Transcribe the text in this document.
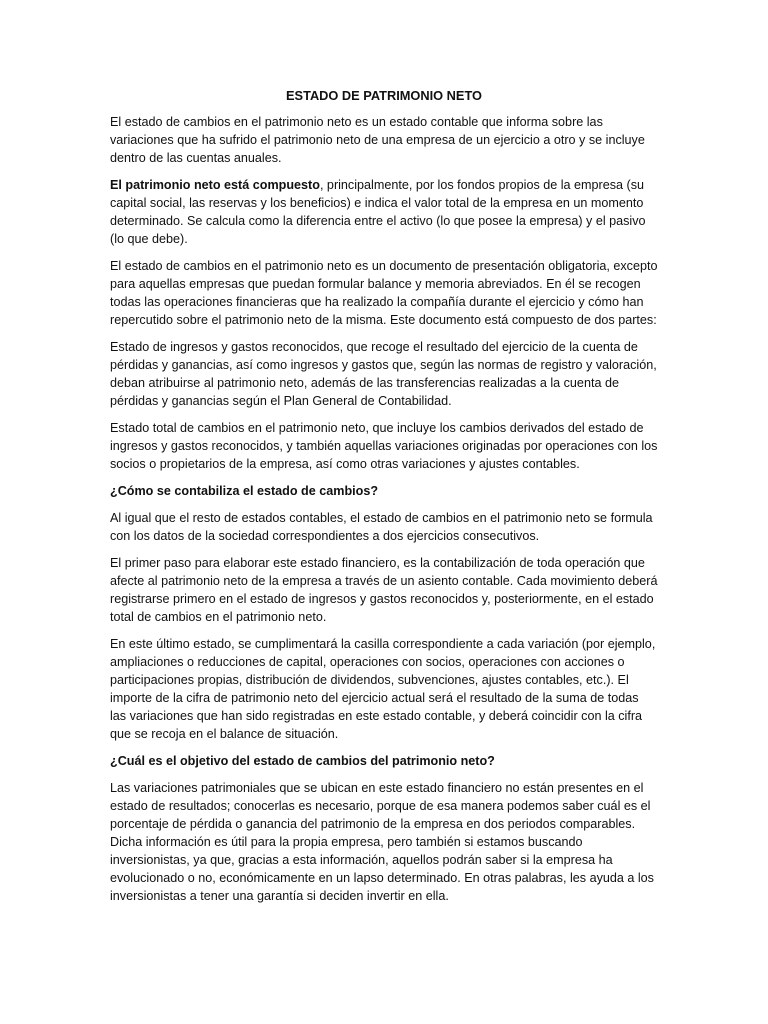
ESTADO DE PATRIMONIO NETO

El estado de cambios en el patrimonio neto es un estado contable que informa sobre las variaciones que ha sufrido el patrimonio neto de una empresa de un ejercicio a otro y se incluye dentro de las cuentas anuales.

El patrimonio neto está compuesto, principalmente, por los fondos propios de la empresa (su capital social, las reservas y los beneficios) e indica el valor total de la empresa en un momento determinado. Se calcula como la diferencia entre el activo (lo que posee la empresa) y el pasivo (lo que debe).

El estado de cambios en el patrimonio neto es un documento de presentación obligatoria, excepto para aquellas empresas que puedan formular balance y memoria abreviados. En él se recogen todas las operaciones financieras que ha realizado la compañía durante el ejercicio y cómo han repercutido sobre el patrimonio neto de la misma. Este documento está compuesto de dos partes:

Estado de ingresos y gastos reconocidos, que recoge el resultado del ejercicio de la cuenta de pérdidas y ganancias, así como ingresos y gastos que, según las normas de registro y valoración, deban atribuirse al patrimonio neto, además de las transferencias realizadas a la cuenta de pérdidas y ganancias según el Plan General de Contabilidad.

Estado total de cambios en el patrimonio neto, que incluye los cambios derivados del estado de ingresos y gastos reconocidos, y también aquellas variaciones originadas por operaciones con los socios o propietarios de la empresa, así como otras variaciones y ajustes contables.

¿Cómo se contabiliza el estado de cambios?

Al igual que el resto de estados contables, el estado de cambios en el patrimonio neto se formula con los datos de la sociedad correspondientes a dos ejercicios consecutivos.

El primer paso para elaborar este estado financiero, es la contabilización de toda operación que afecte al patrimonio neto de la empresa a través de un asiento contable. Cada movimiento deberá registrarse primero en el estado de ingresos y gastos reconocidos y, posteriormente, en el estado total de cambios en el patrimonio neto.

En este último estado, se cumplimentará la casilla correspondiente a cada variación (por ejemplo, ampliaciones o reducciones de capital, operaciones con socios, operaciones con acciones o participaciones propias, distribución de dividendos, subvenciones, ajustes contables, etc.). El importe de la cifra de patrimonio neto del ejercicio actual será el resultado de la suma de todas las variaciones que han sido registradas en este estado contable, y deberá coincidir con la cifra que se recoja en el balance de situación.

¿Cuál es el objetivo del estado de cambios del patrimonio neto?

Las variaciones patrimoniales que se ubican en este estado financiero no están presentes en el estado de resultados; conocerlas es necesario, porque de esa manera podemos saber cuál es el porcentaje de pérdida o ganancia del patrimonio de la empresa en dos periodos comparables. Dicha información es útil para la propia empresa, pero también si estamos buscando inversionistas, ya que, gracias a esta información, aquellos podrán saber si la empresa ha evolucionado o no, económicamente en un lapso determinado. En otras palabras, les ayuda a los inversionistas a tener una garantía si deciden invertir en ella.
